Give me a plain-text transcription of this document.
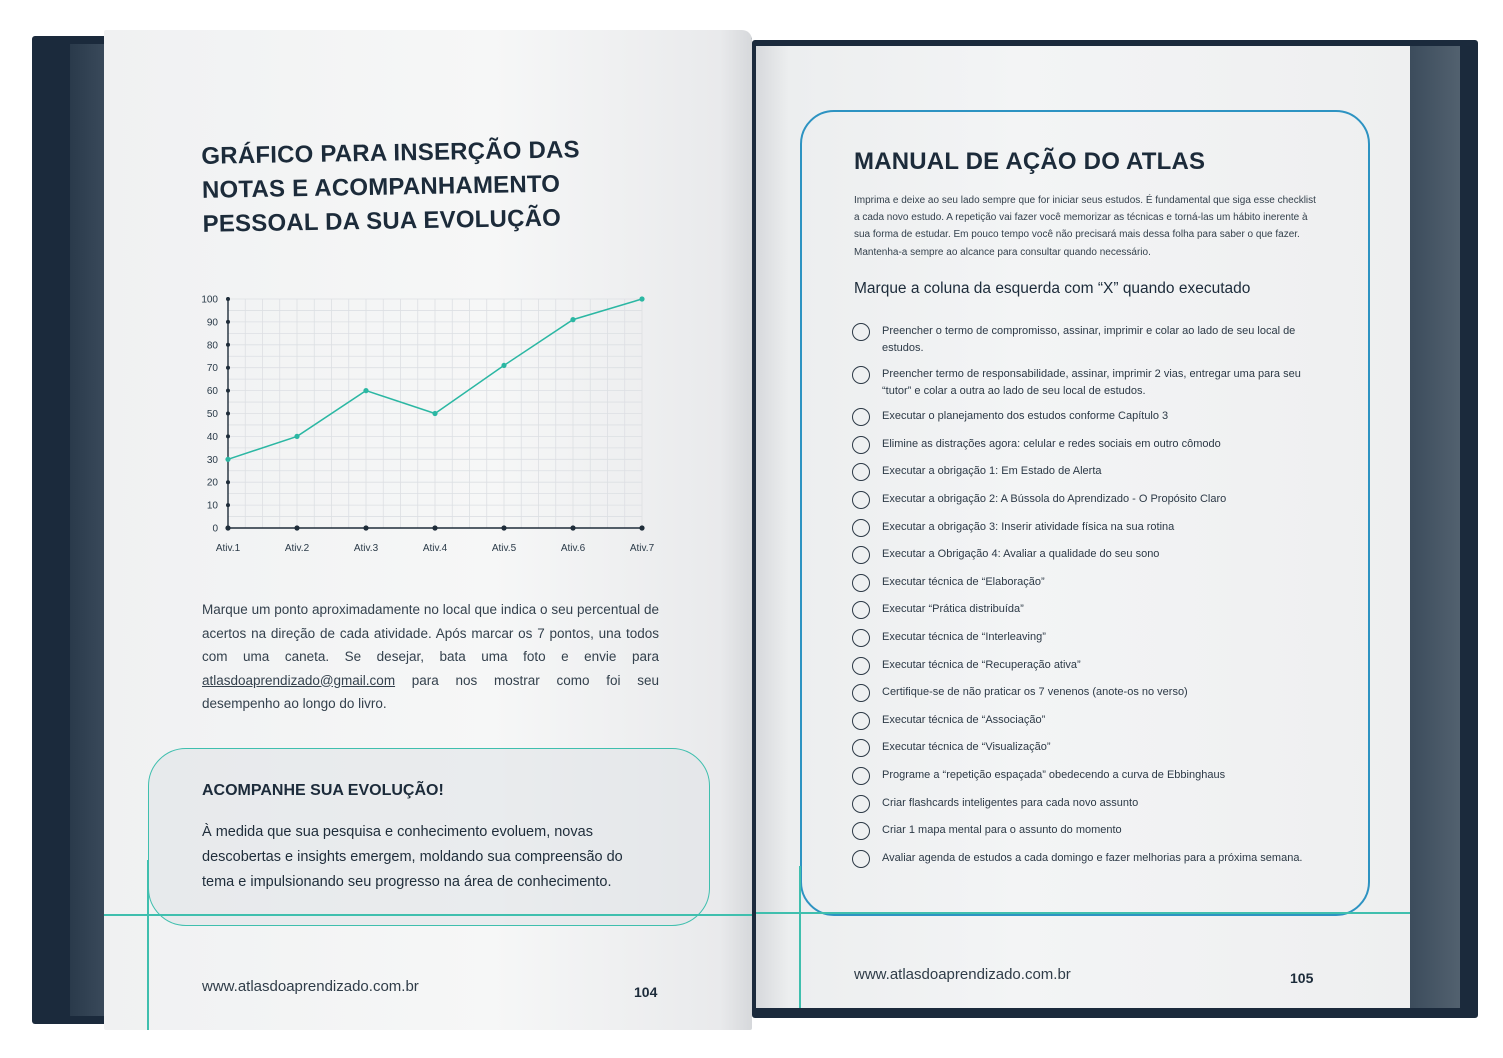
GRÁFICO PARA INSERÇÃO DAS
NOTAS E ACOMPANHAMENTO
PESSOAL DA SUA EVOLUÇÃO
0
10
20
30
40
50
60
70
80
90
100
Ativ.1	Ativ.2	Ativ.3	Ativ.4	Ativ.5	Ativ.6	Ativ.7

Marque um ponto aproximadamente no local que indica o seu percentual de acertos na direção de cada atividade. Após marcar os 7 pontos, una todos com uma caneta. Se desejar, bata uma foto e envie para atlasdoaprendizado@gmail.com para nos mostrar como foi seu desempenho ao longo do livro.

ACOMPANHE SUA EVOLUÇÃO!
À medida que sua pesquisa e conhecimento evoluem, novas descobertas e insights emergem, moldando sua compreensão do tema e impulsionando seu progresso na área de conhecimento.
www.atlasdoaprendizado.com.br	104
MANUAL DE AÇÃO DO ATLAS

Imprima e deixe ao seu lado sempre que for iniciar seus estudos. É fundamental que siga esse checklist a cada novo estudo. A repetição vai fazer você memorizar as técnicas e torná-las um hábito inerente à sua forma de estudar. Em pouco tempo você não precisará mais dessa folha para saber o que fazer. Mantenha-a sempre ao alcance para consultar quando necessário.

Marque a coluna da esquerda com “X” quando executado
Preencher o termo de compromisso, assinar, imprimir e colar ao lado de seu local de estudos.
Preencher termo de responsabilidade, assinar, imprimir 2 vias, entregar uma para seu “tutor” e colar a outra ao lado de seu local de estudos.
Executar o planejamento dos estudos conforme Capítulo 3
Elimine as distrações agora: celular e redes sociais em outro cômodo
Executar a obrigação 1: Em Estado de Alerta
Executar a obrigação 2: A Bússola do Aprendizado - O Propósito Claro
Executar a obrigação 3: Inserir atividade física na sua rotina
Executar a Obrigação 4: Avaliar a qualidade do seu sono
Executar técnica de “Elaboração”
Executar “Prática distribuída”
Executar técnica de “Interleaving”
Executar técnica de “Recuperação ativa”
Certifique-se de não praticar os 7 venenos (anote-os no verso)
Executar técnica de “Associação”
Executar técnica de “Visualização”
Programe a “repetição espaçada” obedecendo a curva de Ebbinghaus
Criar flashcards inteligentes para cada novo assunto
Criar 1 mapa mental para o assunto do momento
Avaliar agenda de estudos a cada domingo e fazer melhorias para a próxima semana.
www.atlasdoaprendizado.com.br	105
